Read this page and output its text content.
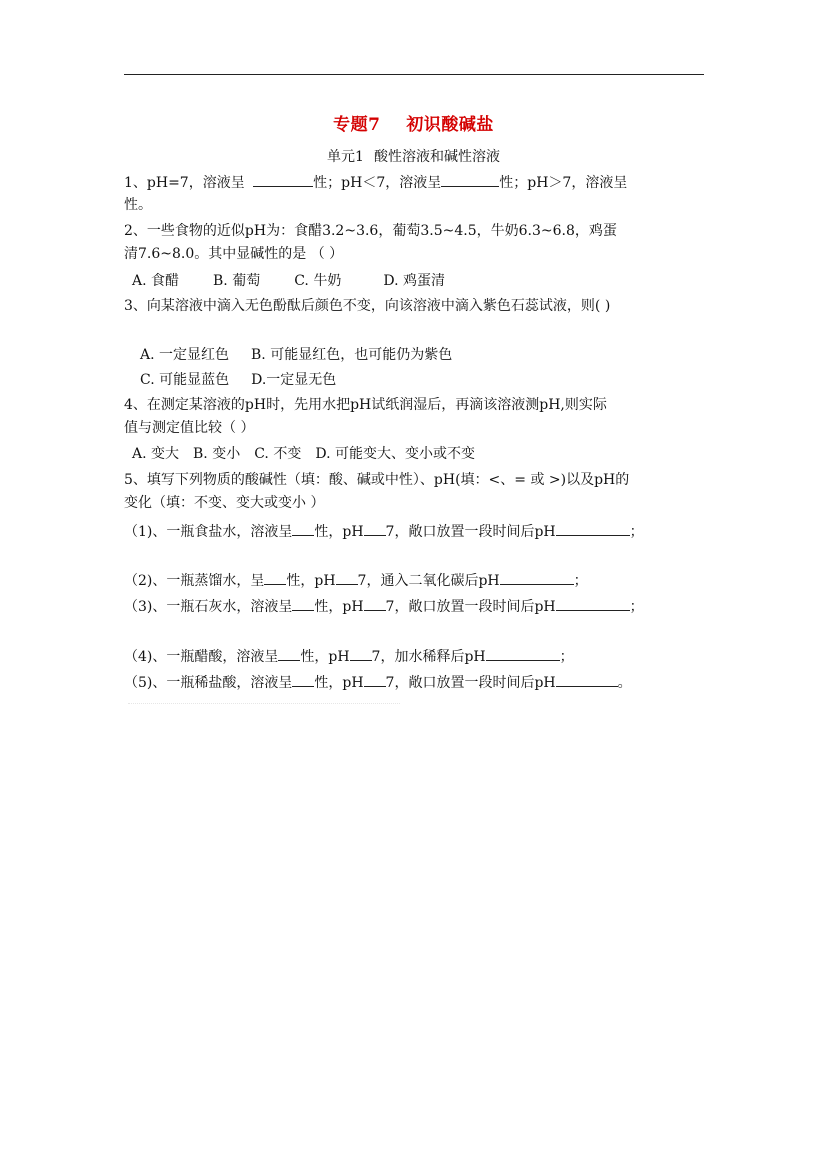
专题7 初识酸碱盐
单元1 酸性溶液和碱性溶液
1、pH=7，溶液呈	性；pH＜7，溶液呈	性；pH＞7，溶液呈
性。
2、一些食物的近似pH为：食醋3.2~3.6，葡萄3.5~4.5，牛奶6.3~6.8，鸡蛋
清7.6~8.0。其中显碱性的是 （ ）
A. 食醋 B. 葡萄 C. 牛奶	D. 鸡蛋清
3、向某溶液中滴入无色酚酞后颜色不变，向该溶液中滴入紫色石蕊试液，则( )
A. 一定显红色 B. 可能显红色，也可能仍为紫色
C. 可能显蓝色 D.一定显无色
4、在测定某溶液的pH时，先用水把pH试纸润湿后，再滴该溶液测pH,则实际
值与测定值比较（ ）
A. 变大 B. 变小 C. 不变 D. 可能变大、变小或不变
5、填写下列物质的酸碱性（填：酸、碱或中性）、pH(填：<、= 或 >)以及pH的
变化（填：不变、变大或变小 ）
（1)、一瓶食盐水，溶液呈 性，pH 7，敞口放置一段时间后pH	；
（2)、一瓶蒸馏水，呈 性，pH 7，通入二氧化碳后pH	；
（3)、一瓶石灰水，溶液呈 性，pH 7，敞口放置一段时间后pH	；
（4)、一瓶醋酸，溶液呈 性，pH 7，加水稀释后pH	；
（5)、一瓶稀盐酸，溶液呈 性，pH 7，敞口放置一段时间后pH	。
